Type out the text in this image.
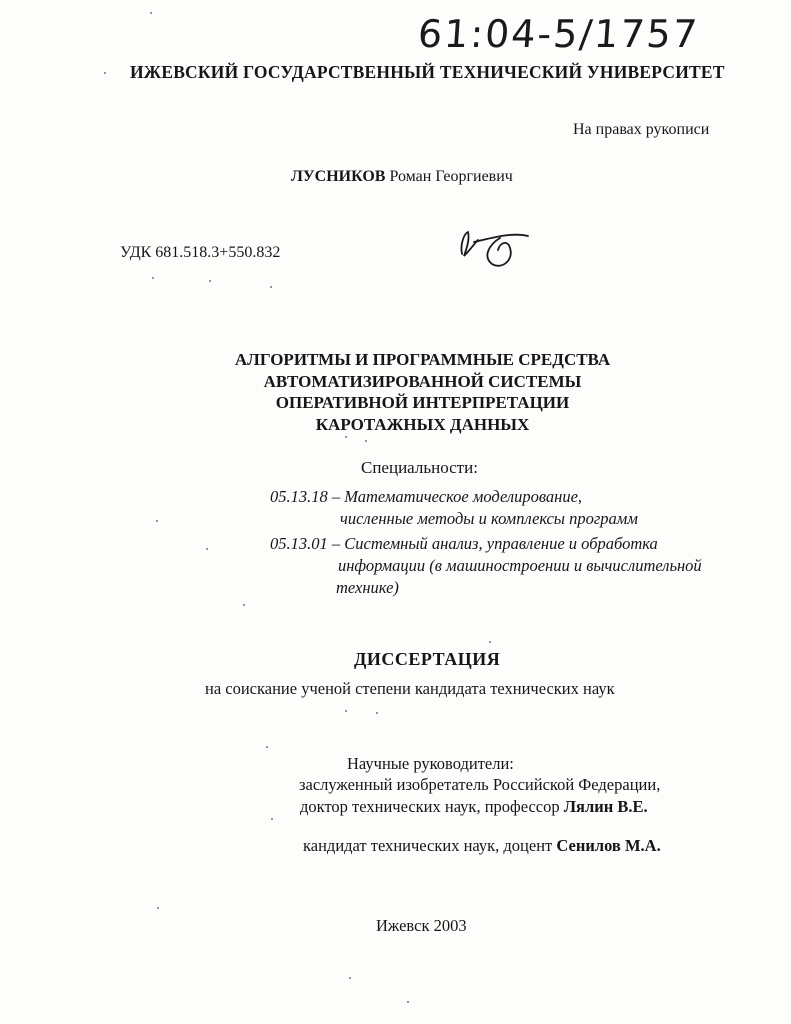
61:04-5/1757
ИЖЕВСКИЙ ГОСУДАРСТВЕННЫЙ ТЕХНИЧЕСКИЙ УНИВЕРСИТЕТ
На правах рукописи
ЛУСНИКОВ Роман Георгиевич
УДК 681.518.3+550.832
АЛГОРИТМЫ И ПРОГРАММНЫЕ СРЕДСТВА
АВТОМАТИЗИРОВАННОЙ СИСТЕМЫ
ОПЕРАТИВНОЙ ИНТЕРПРЕТАЦИИ
КАРОТАЖНЫХ ДАННЫХ
Специальности:
05.13.18 – Математическое моделирование,
численные методы и комплексы программ
05.13.01 – Системный анализ, управление и обработка
информации (в машиностроении и вычислительной
технике)
ДИССЕРТАЦИЯ
на соискание ученой степени кандидата технических наук
Научные руководители:
заслуженный изобретатель Российской Федерации,
доктор технических наук, профессор Лялин В.Е.
кандидат технических наук, доцент Сенилов М.А.
Ижевск 2003
